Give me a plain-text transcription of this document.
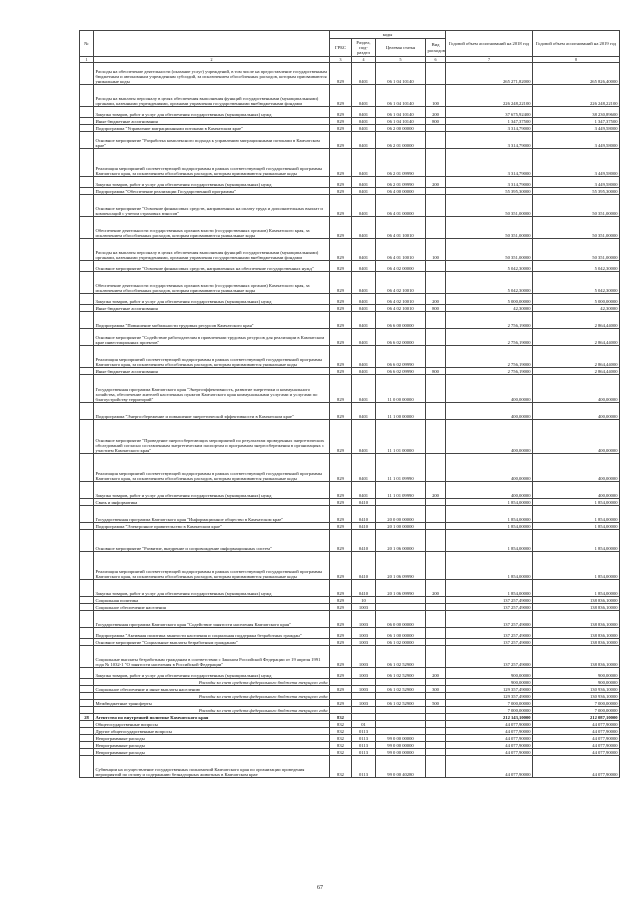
№		коды				Годовой объем ассигнований на 2018 год	Годовой объем ассигнований на 2019 год
		ГРБС	Раздел, под-раздел	Целевая статья	Вид расходов		
1	2	3	4	5	6	7	8
	Расходы на обеспечение деятельности (оказание услуг) учреждений, в том числе на предоставление государственным бюджетным и автономным учреждениям субсидий, за исключением обособленных расходов, которым присваиваются уникальные коды	829	0401	06 1 04 10140		265 271,82000	265 826,40000
	Расходы на выплаты персоналу в целях обеспечения выполнения функций государственными (муниципальными) органами, казенными учреждениями, органами управления государственными внебюджетными фондами	829	0401	06 1 04 10140	100	226 248,22100	226 248,22100
	Закупка товаров, работ и услуг для обеспечения государственных (муниципальных) нужд	829	0401	06 1 04 10140	200	37 675,92400	38 230,89600
	Иные бюджетные ассигнования	829	0401	06 1 04 10140	800	1 347,37500	1 347,37500
	Подпрограмма "Управление миграционными потоками в Камчатском крае"	829	0401	06 2 00 00000		3 314,79000	3 449,58000
	Основное мероприятие "Разработка комплексного подхода к управлению миграционными потоками в Камчатском крае"	829	0401	06 2 01 00000		3 314,79000	3 449,58000
	Реализация мероприятий соответствующей подпрограммы в рамках соответствующей государственной программы Камчатского края, за исключением обособленных расходов, которым присваиваются уникальные коды	829	0401	06 2 01 09990		3 314,79000	3 449,58000
	Закупка товаров, работ и услуг для обеспечения государственных (муниципальных) нужд	829	0401	06 2 01 09990	200	3 314,79000	3 449,58000
	Подпрограмма "Обеспечение реализации Государственной программы"	829	0401	06 4 00 00000		55 395,30000	55 395,30000
	Основное мероприятие "Освоение финансовых средств, направленных на оплату труда и дополнительных выплат и компенсаций с учетом страховых взносов"	829	0401	06 4 01 00000		50 351,00000	50 351,00000
	Обеспечение деятельности государственных органов власти (государственных органов) Камчатского края, за исключением обособленных расходов, которым присваиваются уникальные коды	829	0401	06 4 01 10010		50 351,00000	50 351,00000
	Расходы на выплаты персоналу в целях обеспечения выполнения функций государственными (муниципальными) органами, казенными учреждениями, органами управления государственными внебюджетными фондами	829	0401	06 4 01 10010	100	50 351,00000	50 351,00000
	Основное мероприятие "Освоение финансовых средств, направленных на обеспечение государственных нужд"	829	0401	06 4 02 00000		5 042,30000	5 042,30000
	Обеспечение деятельности государственных органов власти (государственных органов) Камчатского края, за исключением обособленных расходов, которым присваиваются уникальные коды	829	0401	06 4 02 10010		5 042,30000	5 042,30000
	Закупка товаров, работ и услуг для обеспечения государственных (муниципальных) нужд	829	0401	06 4 02 10010	200	5 000,00000	5 000,00000
	Иные бюджетные ассигнования	829	0401	06 4 02 10010	800	42,30000	42,30000
	Подпрограмма "Повышение мобильности трудовых ресурсов Камчатского края"	829	0401	06 6 00 00000		2 756,19000	2 864,44000
	Основное мероприятие "Содействие работодателям в привлечении трудовых ресурсов для реализации в Камчатском крае инвестиционных проектов"	829	0401	06 6 02 00000		2 756,19000	2 864,44000
	Реализация мероприятий соответствующей подпрограммы в рамках соответствующей государственной программы Камчатского края, за исключением обособленных расходов, которым присваиваются уникальные коды	829	0401	06 6 02 09990		2 756,19000	2 864,44000
	Иные бюджетные ассигнования	829	0401	06 6 02 09990	800	2 756,19000	2 864,44000
	Государственная программа Камчатского края "Энергоэффективность, развитие энергетики и коммунального хозяйства, обеспечение жителей населенных пунктов Камчатского края коммунальными услугами и услугами по благоустройству территорий"	829	0401	11 0 00 00000		400,00000	400,00000
	Подпрограмма "Энергосбережение и повышение энергетической эффективности в Камчатском крае"	829	0401	11 1 00 00000		400,00000	400,00000
	Основное мероприятие "Проведение энергосберегающих мероприятий по результатам проведенных энергетических обследований согласно составленным энергетическим паспортам и программам энергосбережения в организациях с участием Камчатского края"	829	0401	11 1 01 00000		400,00000	400,00000
	Реализация мероприятий соответствующей подпрограммы в рамках соответствующей государственной программы Камчатского края, за исключением обособленных расходов, которым присваиваются уникальные коды	829	0401	11 1 01 09990		400,00000	400,00000
	Закупка товаров, работ и услуг для обеспечения государственных (муниципальных) нужд	829	0401	11 1 01 09990	200	400,00000	400,00000
	Связь и информатика	829	0410			1 854,00000	1 854,00000
	Государственная программа Камчатского края "Информационное общество в Камчатском крае"	829	0410	20 0 00 00000		1 854,00000	1 854,00000
	Подпрограмма "Электронное правительство в Камчатском крае"	829	0410	20 1 00 00000		1 854,00000	1 854,00000
	Основное мероприятие "Развитие, внедрение и сопровождение информационных систем"	829	0410	20 1 06 00000		1 854,00000	1 854,00000
	Реализация мероприятий соответствующей подпрограммы в рамках соответствующей государственной программы Камчатского края, за исключением обособленных расходов, которым присваиваются уникальные коды	829	0410	20 1 06 09990		1 854,00000	1 854,00000
	Закупка товаров, работ и услуг для обеспечения государственных (муниципальных) нужд	829	0410	20 1 06 09990	200	1 854,00000	1 854,00000
	Социальная политика	829	10			137 257,49000	138 836,10000
	Социальное обеспечение населения	829	1003			137 257,49000	138 836,10000
	Государственная программа Камчатского края "Содействие занятости населения Камчатского края"	829	1003	06 0 00 00000		137 257,49000	138 836,10000
	Подпрограмма "Активная политика занятости населения и социальная поддержка безработных граждан"	829	1003	06 1 00 00000		137 257,49000	138 836,10000
	Основное мероприятие "Социальные выплаты безработным гражданам"	829	1003	06 1 02 00000		137 257,49000	138 836,10000
	Социальные выплаты безработным гражданам в соответствии с Законом Российской Федерации от 19 апреля 1991 года № 1032-1 "О занятости населения в Российской Федерации"	829	1003	06 1 02 52900		137 257,49000	138 836,10000
	Закупка товаров, работ и услуг для обеспечения государственных (муниципальных) нужд	829	1003	06 1 02 52900	200	900,00000	900,00000
	Расходы за счет средств федерального бюджета текущего года					900,00000	900,00000
	Социальное обеспечение и иные выплаты населению	829	1003	06 1 02 52900	300	129 357,49000	130 936,10000
	Расходы за счет средств федерального бюджета текущего года					129 357,49000	130 936,10000
	Межбюджетные трансферты	829	1003	06 1 02 52900	500	7 000,00000	7 000,00000
	Расходы за счет средств федерального бюджета текущего года					7 000,00000	7 000,00000
28	Агентство по внутренней политике Камчатского края	832				212 143,10000	212 087,10000
	Общегосударственные вопросы	832	01			44 077,90000	44 077,90000
	Другие общегосударственные вопросы	832	0113			44 077,90000	44 077,90000
	Непрограммные расходы	832	0113	99 0 00 00000		44 077,90000	44 077,90000
	Непрограммные расходы	832	0113	99 0 00 00000		44 077,90000	44 077,90000
	Непрограммные расходы	832	0113	99 0 00 00000		44 077,90000	44 077,90000
	Субвенции на осуществление государственных полномочий Камчатского края по организации проведения мероприятий по отлову и содержанию безнадзорных животных в Камчатском крае	832	0113	99 0 00 40280		44 077,90000	44 077,90000
67
